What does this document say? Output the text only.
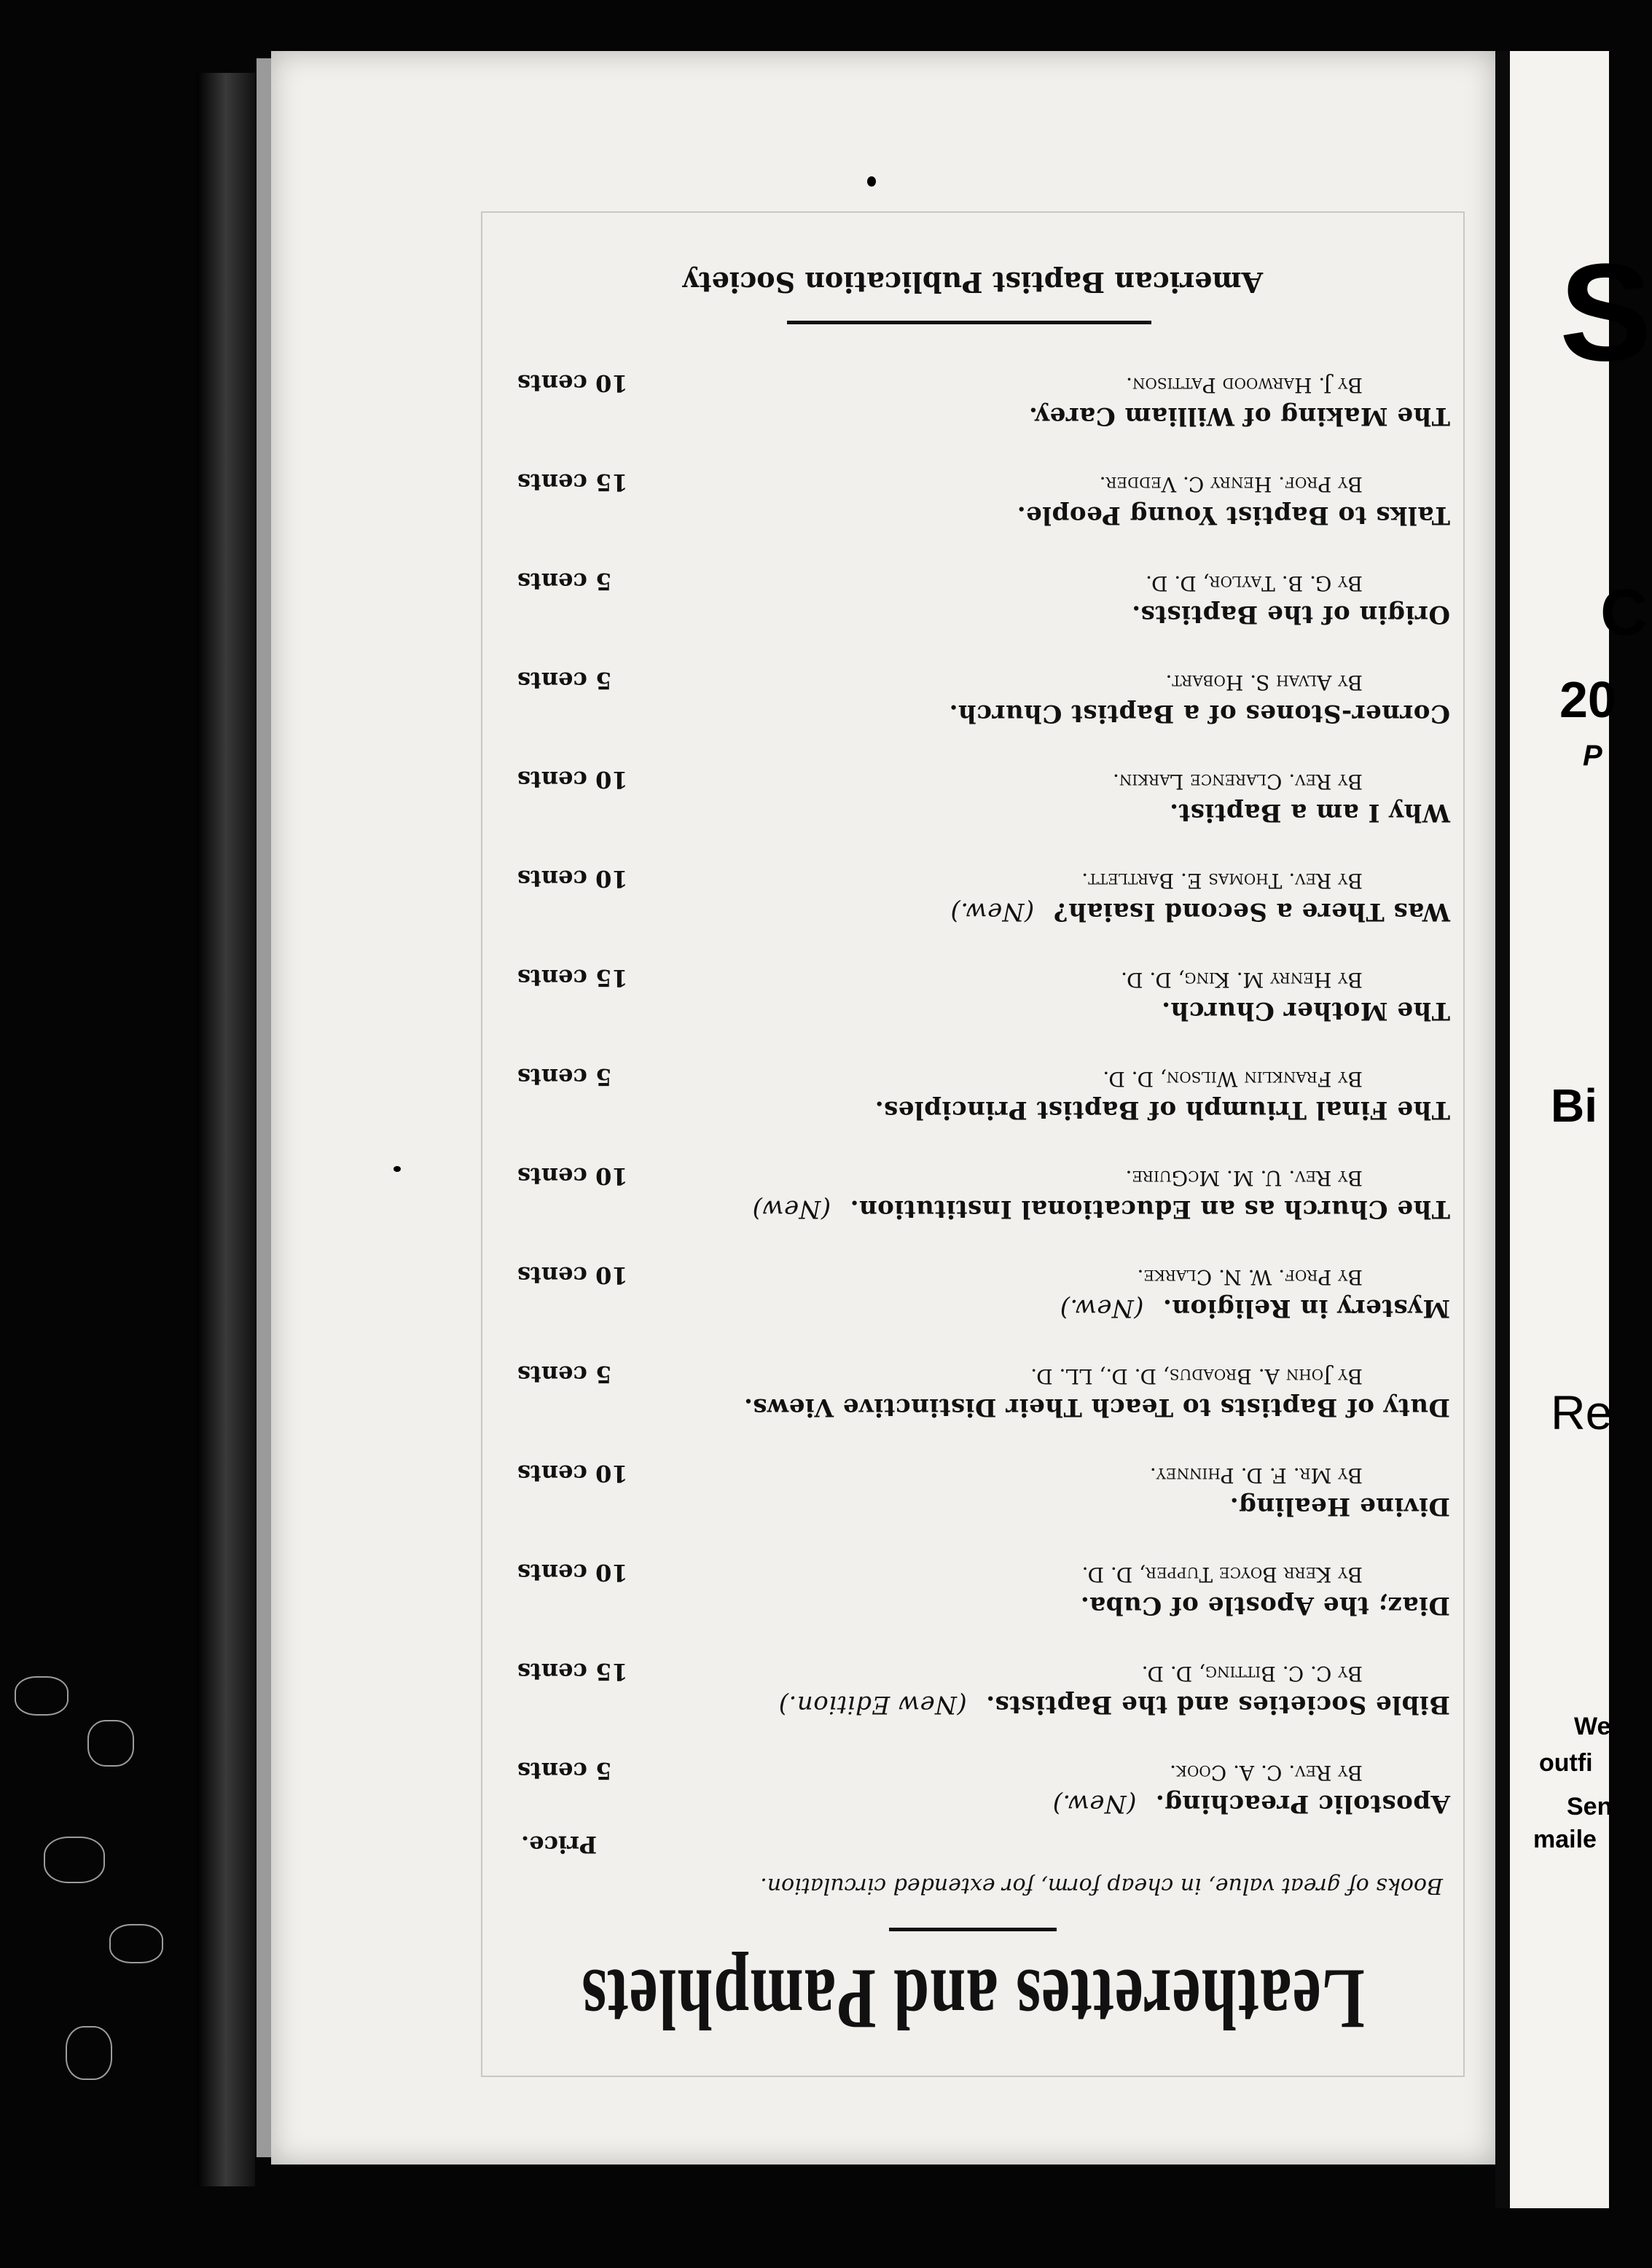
S
C
20
P
Bi
Re
We
outfi
Sen
maile
Leatherettes and Pamphlets
Books of great value, in cheap form, for extended circulation.
Price.
Apostolic Preaching.(New.)
By Rev. C. A. Cook.
5 cents
Bible Societies and the Baptists.(New Edition.)
By C. C. Bitting, D. D.
15 cents
Diaz; the Apostle of Cuba.
By Kerr Boyce Tupper, D. D.
10 cents
Divine Healing.
By Mr. F. D. Phinney.
10 cents
Duty of Baptists to Teach Their Distinctive Views.
By John A. Broadus, D. D., LL. D.
5 cents
Mystery in Religion.(New.)
By Prof. W. N. Clarke.
10 cents
The Church as an Educational Institution.(New)
By Rev. U. M. McGuire.
10 cents
The Final Triumph of Baptist Principles.
By Franklin Wilson, D. D.
5 cents
The Mother Church.
By Henry M. King, D. D.
15 cents
Was There a Second Isaiah?(New.)
By Rev. Thomas E. Bartlett.
10 cents
Why I am a Baptist.
By Rev. Clarence Larkin.
10 cents
Corner-Stones of a Baptist Church.
By Alvah S. Hobart.
5 cents
Origin of the Baptists.
By G. B. Taylor, D. D.
5 cents
Talks to Baptist Young People.
By Prof. Henry C. Vedder.
15 cents
The Making of William Carey.
By J. Harwood Pattison.
10 cents
American Baptist Publication Society
